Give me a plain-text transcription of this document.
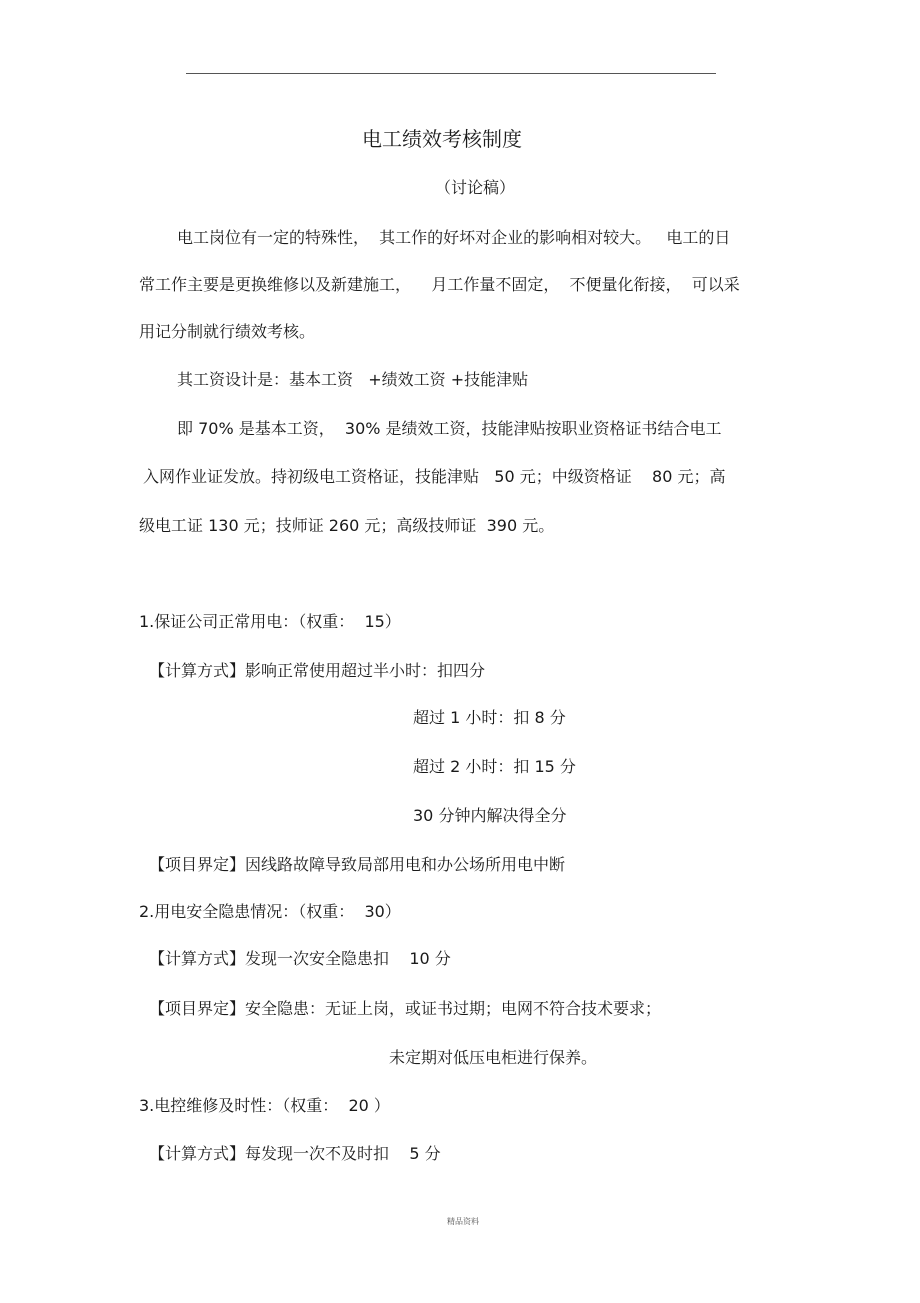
电工绩效考核制度
（讨论稿）
电工岗位有一定的特殊性，  其工作的好坏对企业的影响相对较大。   电工的日
常工作主要是更换维修以及新建施工，    月工作量不固定，  不便量化衔接，  可以采
用记分制就行绩效考核。
其工资设计是：基本工资   +绩效工资 +技能津贴
即 70% 是基本工资，  30% 是绩效工资，技能津贴按职业资格证书结合电工
入网作业证发放。持初级电工资格证，技能津贴   50 元；中级资格证    80 元；高
级电工证 130 元；技师证 260 元；高级技师证  390 元。
1.保证公司正常用电：（权重：  15）
【计算方式】影响正常使用超过半小时：扣四分
超过 1 小时：扣 8 分
超过 2 小时：扣 15 分
30 分钟内解决得全分
【项目界定】因线路故障导致局部用电和办公场所用电中断
2.用电安全隐患情况：（权重：  30）
【计算方式】发现一次安全隐患扣    10 分
【项目界定】安全隐患：无证上岗，或证书过期；电网不符合技术要求；
未定期对低压电柜进行保养。
3.电控维修及时性：（权重：  20 ）
【计算方式】每发现一次不及时扣    5 分
精品资料
